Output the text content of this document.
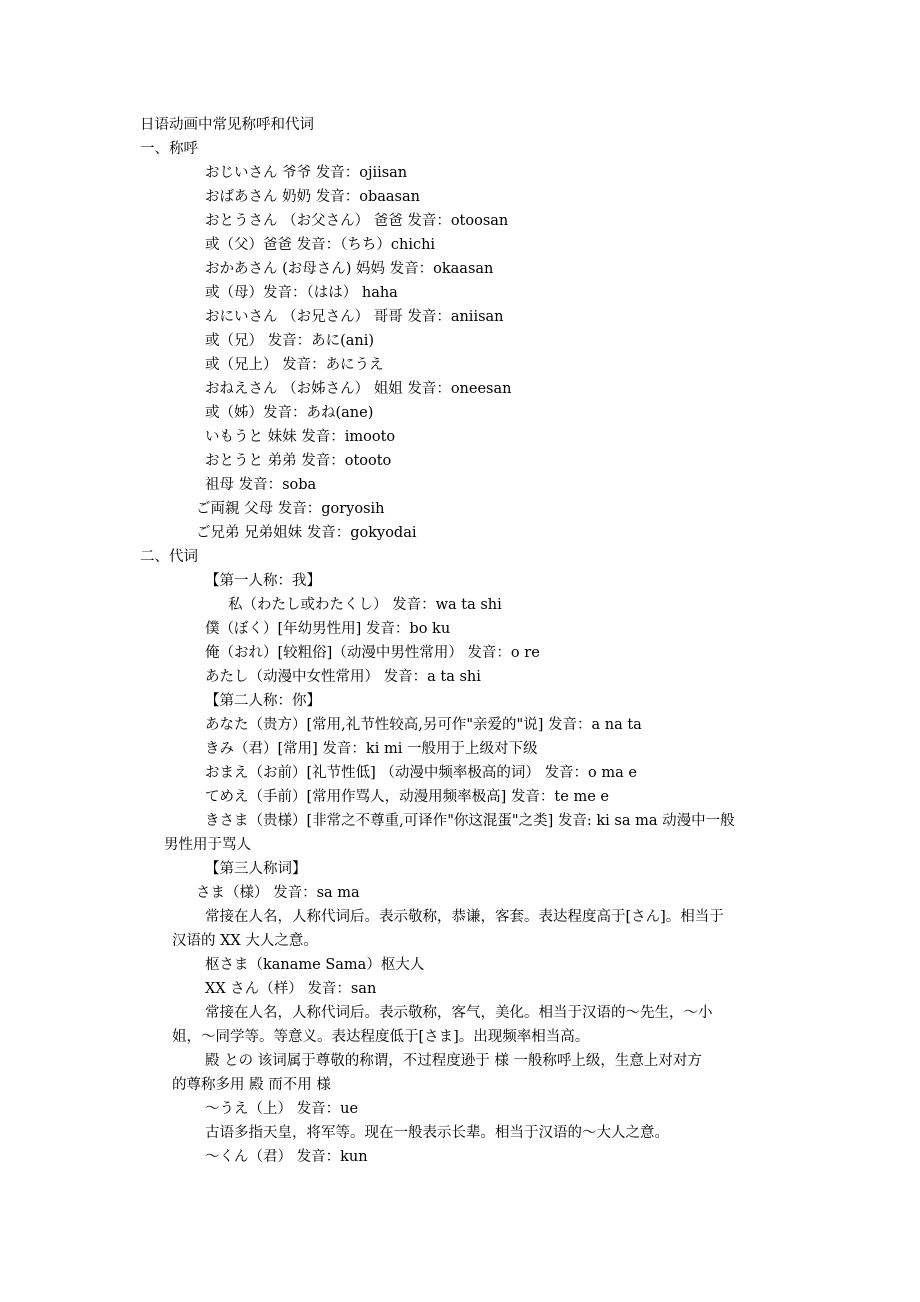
日语动画中常见称呼和代词

一、称呼

おじいさん 爷爷 发音：ojiisan

おばあさん 奶奶 发音：obaasan

おとうさん （お父さん） 爸爸 发音：otoosan

或（父）爸爸 发音：（ちち）chichi

おかあさん (お母さん) 妈妈 发音：okaasan

或（母）发音：（はは） haha

おにいさん （お兄さん） 哥哥 发音：aniisan

或（兄） 发音：あに(ani)

或（兄上） 发音：あにうえ

おねえさん （お姊さん） 姐姐 发音：oneesan

或（姊）发音：あね(ane)

いもうと 妹妹 发音：imooto

おとうと 弟弟 发音：otooto

祖母 发音：soba

ご両親 父母 发音：goryosih

ご兄弟 兄弟姐妹 发音：gokyodai

二、代词

【第一人称：我】

私（わたし或わたくし） 发音：wa ta shi

僕（ぼく）[年幼男性用] 发音：bo ku

俺（おれ）[较粗俗]（动漫中男性常用） 发音：o re

あたし（动漫中女性常用） 发音：a ta shi

【第二人称：你】

あなた（贵方）[常用,礼节性较高,另可作"亲爱的"说] 发音：a na ta

きみ（君）[常用] 发音：ki mi 一般用于上级对下级

おまえ（お前）[礼节性低] （动漫中频率极高的词） 发音：o ma e

てめえ（手前）[常用作骂人，动漫用频率极高] 发音：te me e

きさま（贵様）[非常之不尊重,可译作"你这混蛋"之类] 发音: ki sa ma 动漫中一般

男性用于骂人

【第三人称词】

さま（様） 发音：sa ma

常接在人名，人称代词后。表示敬称，恭谦，客套。表达程度高于[さん]。相当于

汉语的 XX 大人之意。

枢さま（kaname Sama）枢大人

XX さん（样） 发音：san

常接在人名，人称代词后。表示敬称，客气，美化。相当于汉语的～先生，～小

姐，～同学等。等意义。表达程度低于[さま]。出现频率相当高。

殿 との 该词属于尊敬的称谓，不过程度逊于 様 一般称呼上级，生意上对对方

的尊称多用 殿 而不用 様

～うえ（上） 发音：ue

古语多指天皇，将军等。现在一般表示长辈。相当于汉语的～大人之意。

～くん（君） 发音：kun
